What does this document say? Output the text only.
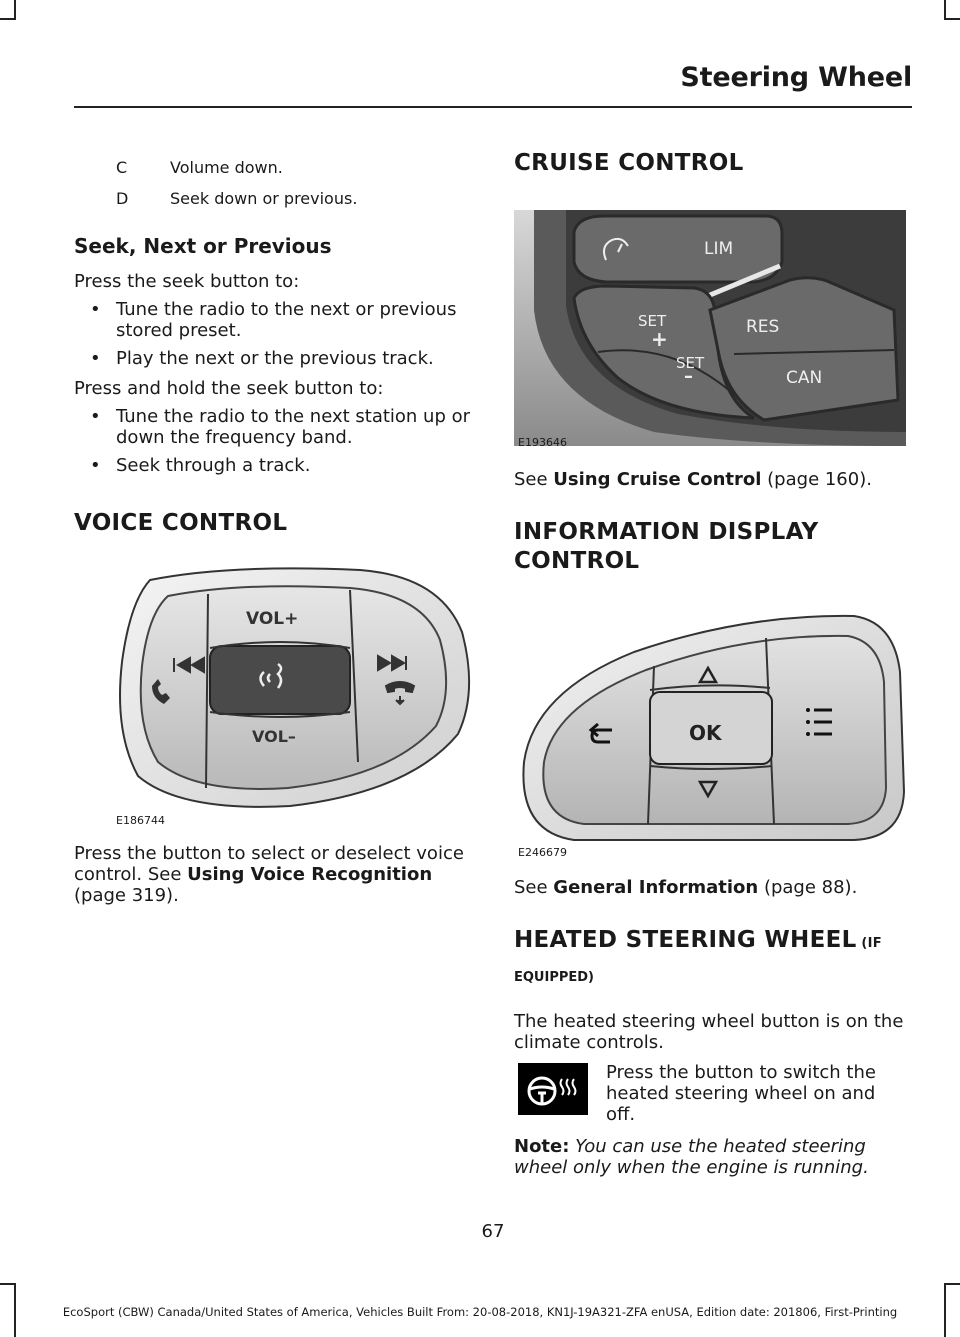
Steering Wheel
C	Volume down.
D	Seek down or previous.
Seek, Next or Previous

Press the seek button to:

• Tune the radio to the next or previous stored preset.
• Play the next or the previous track.

Press and hold the seek button to:

• Tune the radio to the next station up or down the frequency band.
• Seek through a track.
VOICE CONTROL
VOL+
VOL–
E186744

Press the button to select or deselect voice control. See Using Voice Recognition
(page 319).

CRUISE CONTROL
LIM
SET
+
SET
–
RES
CAN
E193646

See Using Cruise Control (page 160).

INFORMATION DISPLAY
CONTROL
OK
E246679

See General Information (page 88).

HEATED STEERING WHEEL (IF
EQUIPPED)

The heated steering wheel button is on the climate controls.

Press the button to switch the heated steering wheel on and off.

Note: You can use the heated steering wheel only when the engine is running.

67
EcoSport (CBW) Canada/United States of America, Vehicles Built From: 20-08-2018, KN1J-19A321-ZFA enUSA, Edition date: 201806, First-Printing
